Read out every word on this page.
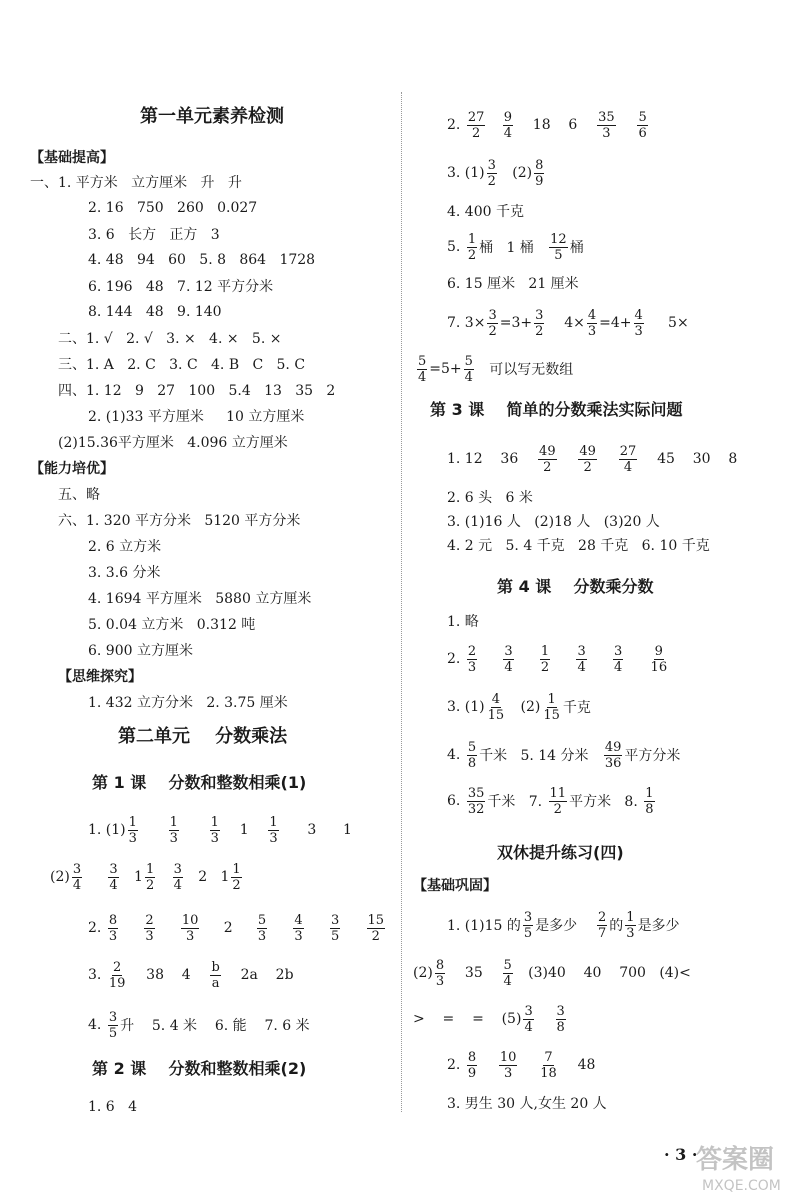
第一单元素养检测
【基础提高】
一、1. 平方米   立方厘米   升   升
2. 16   750   260   0.027
3. 6   长方   正方   3
4. 48   94   60   5. 8   864   1728
6. 196   48   7. 12 平方分米
8. 144   48   9. 140
二、1. √   2. √   3. ×   4. ×   5. ×
三、1. A   2. C   3. C   4. B   C   5. C
四、1. 12   9   27   100   5.4   13   35   2
2. (1)33 平方厘米     10 立方厘米
(2)15.36平方厘米   4.096 立方厘米
【能力培优】
五、略
六、1. 320 平方分米   5120 平方分米
2. 6 立方米
3. 3.6 分米
4. 1694 平方厘米   5880 立方厘米
5. 0.04 立方米   0.312 吨
6. 900 立方厘米
【思维探究】
1. 432 立方分米   2. 3.75 厘米
第二单元    分数乘法
第 1 课    分数和整数相乘(1)
1. $(1) \frac{1}{3}$
$\frac{1}{3}$
$\frac{1}{3} 1 \frac{1}{3} 3$      1
$(2) \frac{3}{4}$
$\frac{3}{4} 1 \frac{1}{2}$
$\frac{3}{4} 2$   $1 \frac{1}{2}$
2. $\frac{8}{3}$
$\frac{2}{3}$
$\frac{10}{3} 2 \frac{5}{3}$
$\frac{4}{3}$
$\frac{3}{5}$
$\frac{15}{2}$
3. $\frac{2}{19} 38$    $4 \frac{b}{a} 2a$    2b
4. $\frac{3}{5}$ 升    5. 4 米    6. 能    7. 6 米
第 2 课    分数和整数相乘(2)
1. 6   4
2. $\frac{27}{2}$
$\frac{9}{4} 18$    $6 \frac{35}{3}$
$\frac{5}{6}$
3. $(1) \frac{3}{2} (2) \frac{8}{9}$
4. 400 千克
5. $\frac{1}{2}$ 桶   1 桶 $\frac{12}{5}$ 桶
6. 15 厘米   21 厘米
7. $3\times \frac{3}{2} =3+ \frac{3}{2} 4\times \frac{4}{3} =4+ \frac{4}{3} 5\times$
$\frac{5}{4} =5+ \frac{5}{4}$ 可以写无数组
第 3 课    简单的分数乘法实际问题
1. 12    $36 \frac{49}{2}$
$\frac{49}{2}$
$\frac{27}{4} 45$    30    8
2. 6 头   6 米
3. (1)16 人   (2)18 人   (3)20 人
4. 2 元   5. 4 千克   28 千克   6. 10 千克
第 4 课    分数乘分数
1. 略
2. $\frac{2}{3}$
$\frac{3}{4}$
$\frac{1}{2}$
$\frac{3}{4}$
$\frac{3}{4}$
$\frac{9}{16}$
3. $(1) \frac{4}{15} (2) \frac{1}{15}$ 千克
4. $\frac{5}{8}$ 千米   5. 14 分米 $\frac{49}{36}$ 平方分米
6. $\frac{35}{32}$ 千米   7. $\frac{11}{2}$ 平方米   8. $\frac{1}{8}$
双休提升练习(四)
【基础巩固】
1. (1)15 的 $\frac{3}{5}$ 是多少 $\frac{2}{7}$ 的 $\frac{1}{3}$ 是多少
$(2) \frac{8}{3} 35 \frac{5}{4} (3)40$    40    700   (4)<
>    =    =    $(5) \frac{3}{4}$
$\frac{3}{8}$
2. $\frac{8}{9}$
$\frac{10}{3}$
$\frac{7}{18} 48$
3. 男生 30 人,女生 20 人
· 3 ·
答案圈
MXQE.COM
